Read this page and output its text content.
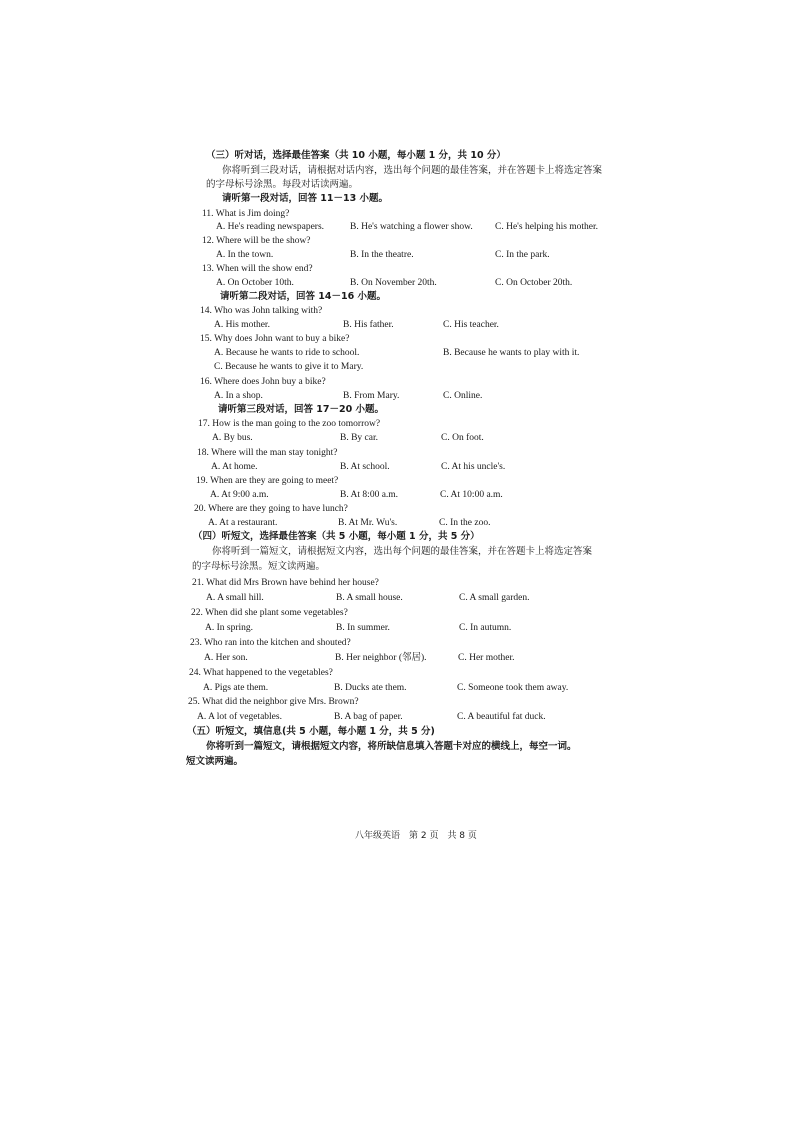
（三）听对话，选择最佳答案（共 10 小题，每小题 1 分，共 10 分）
你将听到三段对话，请根据对话内容，选出每个问题的最佳答案，并在答题卡上将选定答案
的字母标号涂黑。每段对话读两遍。
请听第一段对话，回答 11－13 小题。
11. What is Jim doing?
A. He's reading newspapers.	B. He's watching a flower show. C. He's helping his mother.
12. Where will be the show?
A. In the town.	B. In the theatre.	C. In the park.
13. When will the show end?
A. On October 10th.	B. On November 20th.	C. On October 20th.
请听第二段对话，回答 14－16 小题。
14. Who was John talking with?
A. His mother.	B. His father.	C. His teacher.
15. Why does John want to buy a bike?
A. Because he wants to ride to school.	B. Because he wants to play with it.
C. Because he wants to give it to Mary.
16. Where does John buy a bike?
A. In a shop.	B. From Mary.	C. Online.
请听第三段对话，回答 17－20 小题。
17. How is the man going to the zoo tomorrow?
A. By bus.	B. By car.	C. On foot.
18. Where will the man stay tonight?
A. At home.	B. At school.	C. At his uncle's.
19. When are they are going to meet?
A. At 9:00 a.m.	B. At 8:00 a.m.	C. At 10:00 a.m.
20. Where are they going to have lunch?
A. At a restaurant.	B. At Mr. Wu's.	C. In the zoo.
（四）听短文，选择最佳答案（共 5 小题，每小题 1 分，共 5 分）
你将听到一篇短文，请根据短文内容，选出每个问题的最佳答案，并在答题卡上将选定答案
的字母标号涂黑。短文读两遍。
21. What did Mrs Brown have behind her house?
A. A small hill.	B. A small house.	C. A small garden.
22. When did she plant some vegetables?
A. In spring.	B. In summer.	C. In autumn.
23. Who ran into the kitchen and shouted?
A. Her son.	B. Her neighbor (邻居).	C. Her mother.
24. What happened to the vegetables?
A. Pigs ate them.	B. Ducks ate them.	C. Someone took them away.
25. What did the neighbor give Mrs. Brown?
A. A lot of vegetables.	B. A bag of paper.	C. A beautiful fat duck.
（五）听短文，填信息(共 5 小题，每小题 1 分，共 5 分)
你将听到一篇短文，请根据短文内容，将所缺信息填入答题卡对应的横线上，每空一词。
短文读两遍。
八年级英语　第 2 页　共 8 页
